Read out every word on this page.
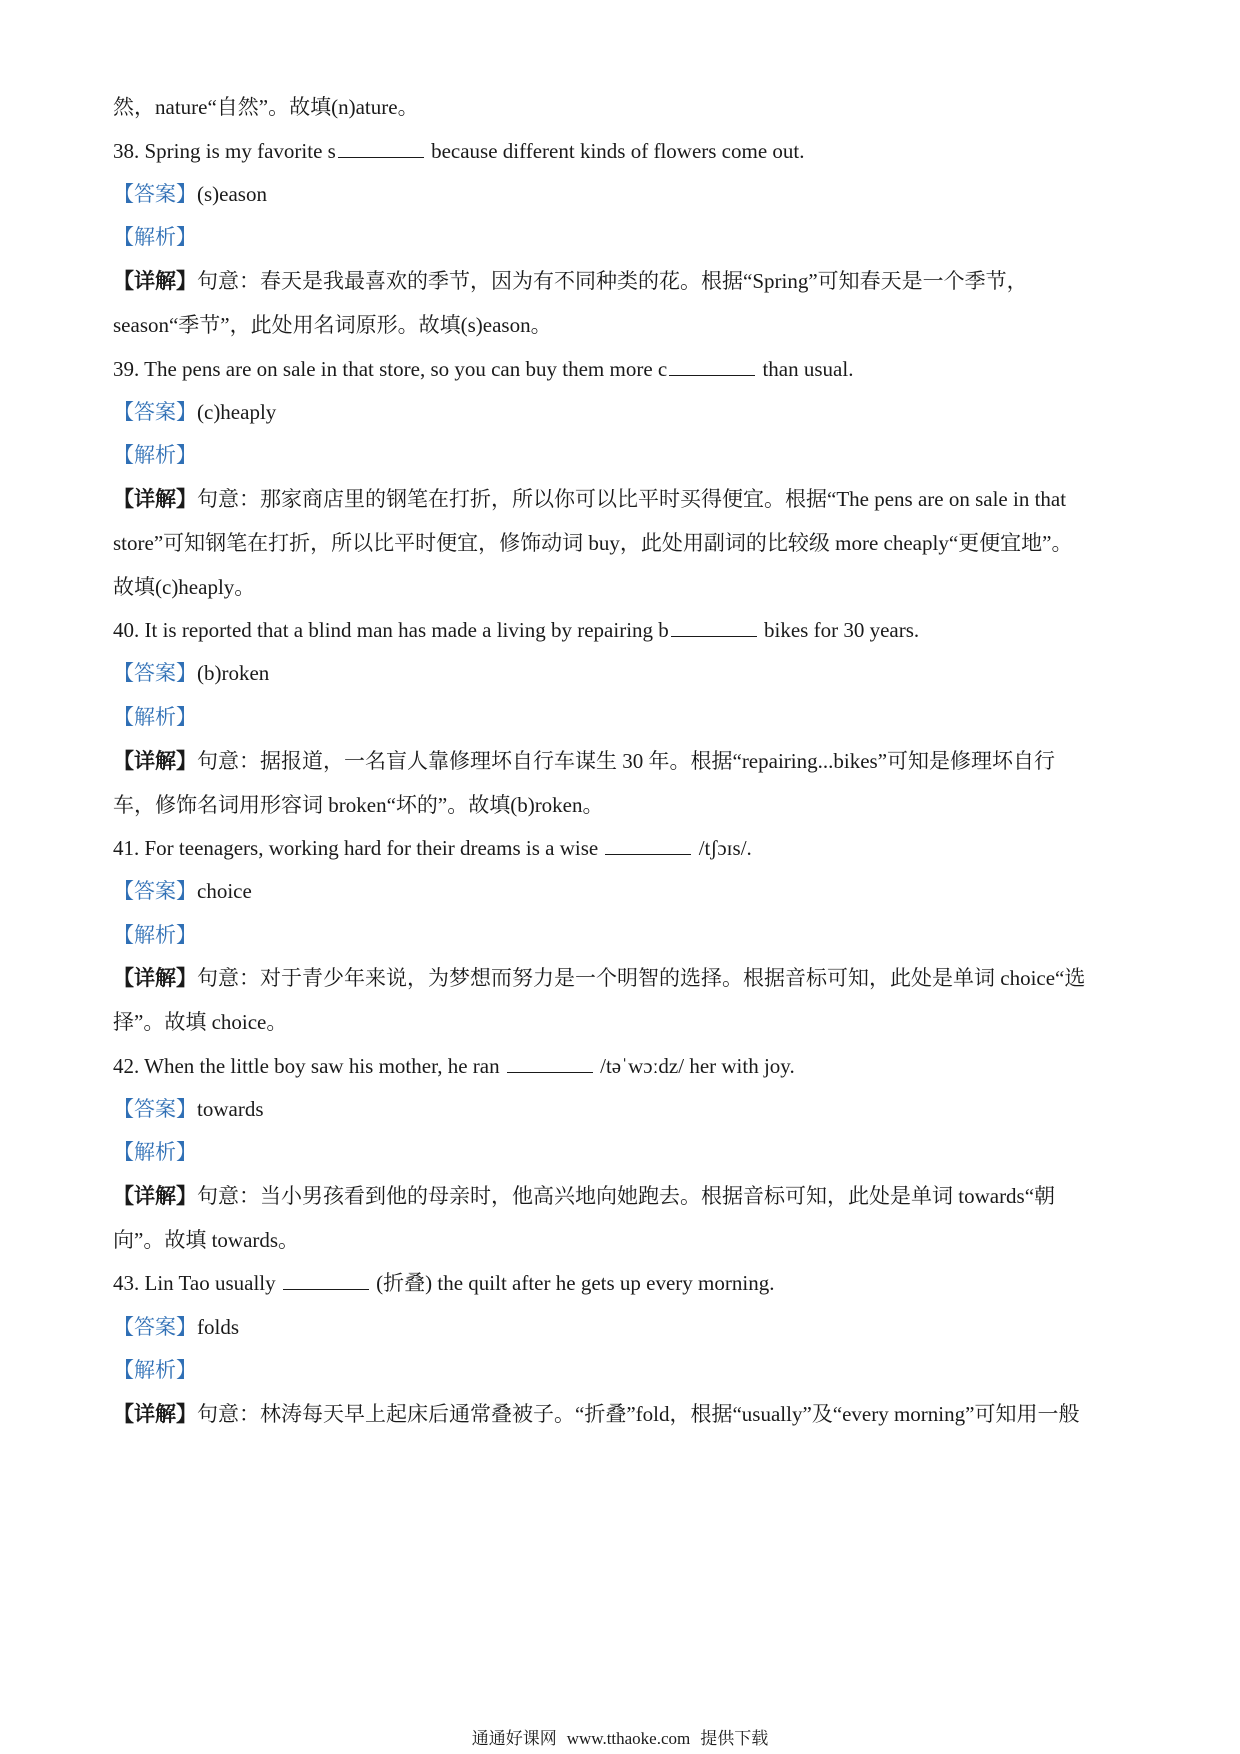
然，nature“自然”。故填(n)ature。
38. Spring is my favorite s	because different kinds of flowers come out.
【答案】(s)eason
【解析】
【详解】句意：春天是我最喜欢的季节，因为有不同种类的花。根据“Spring”可知春天是一个季节，
season“季节”，此处用名词原形。故填(s)eason。
39. The pens are on sale in that store, so you can buy them more c	than usual.
【答案】(c)heaply
【解析】
【详解】句意：那家商店里的钢笔在打折，所以你可以比平时买得便宜。根据“The pens are on sale in that
store”可知钢笔在打折，所以比平时便宜，修饰动词 buy，此处用副词的比较级 more cheaply“更便宜地”。
故填(c)heaply。
40. It is reported that a blind man has made a living by repairing b	bikes for 30 years.
【答案】(b)roken
【解析】
【详解】句意：据报道，一名盲人靠修理坏自行车谋生 30 年。根据“repairing...bikes”可知是修理坏自行
车，修饰名词用形容词 broken“坏的”。故填(b)roken。
41. For teenagers, working hard for their dreams is a wise	/tʃɔɪs/.
【答案】choice
【解析】
【详解】句意：对于青少年来说，为梦想而努力是一个明智的选择。根据音标可知，此处是单词 choice“选
择”。故填 choice。
42. When the little boy saw his mother, he ran	/təˈwɔːdz/ her with joy.
【答案】towards
【解析】
【详解】句意：当小男孩看到他的母亲时，他高兴地向她跑去。根据音标可知，此处是单词 towards“朝
向”。故填 towards。
43. Lin Tao usually	(折叠) the quilt after he gets up every morning.
【答案】folds
【解析】
【详解】句意：林涛每天早上起床后通常叠被子。“折叠”fold，根据“usually”及“every morning”可知用一般
通通好课网 www.tthaoke.com 提供下载
